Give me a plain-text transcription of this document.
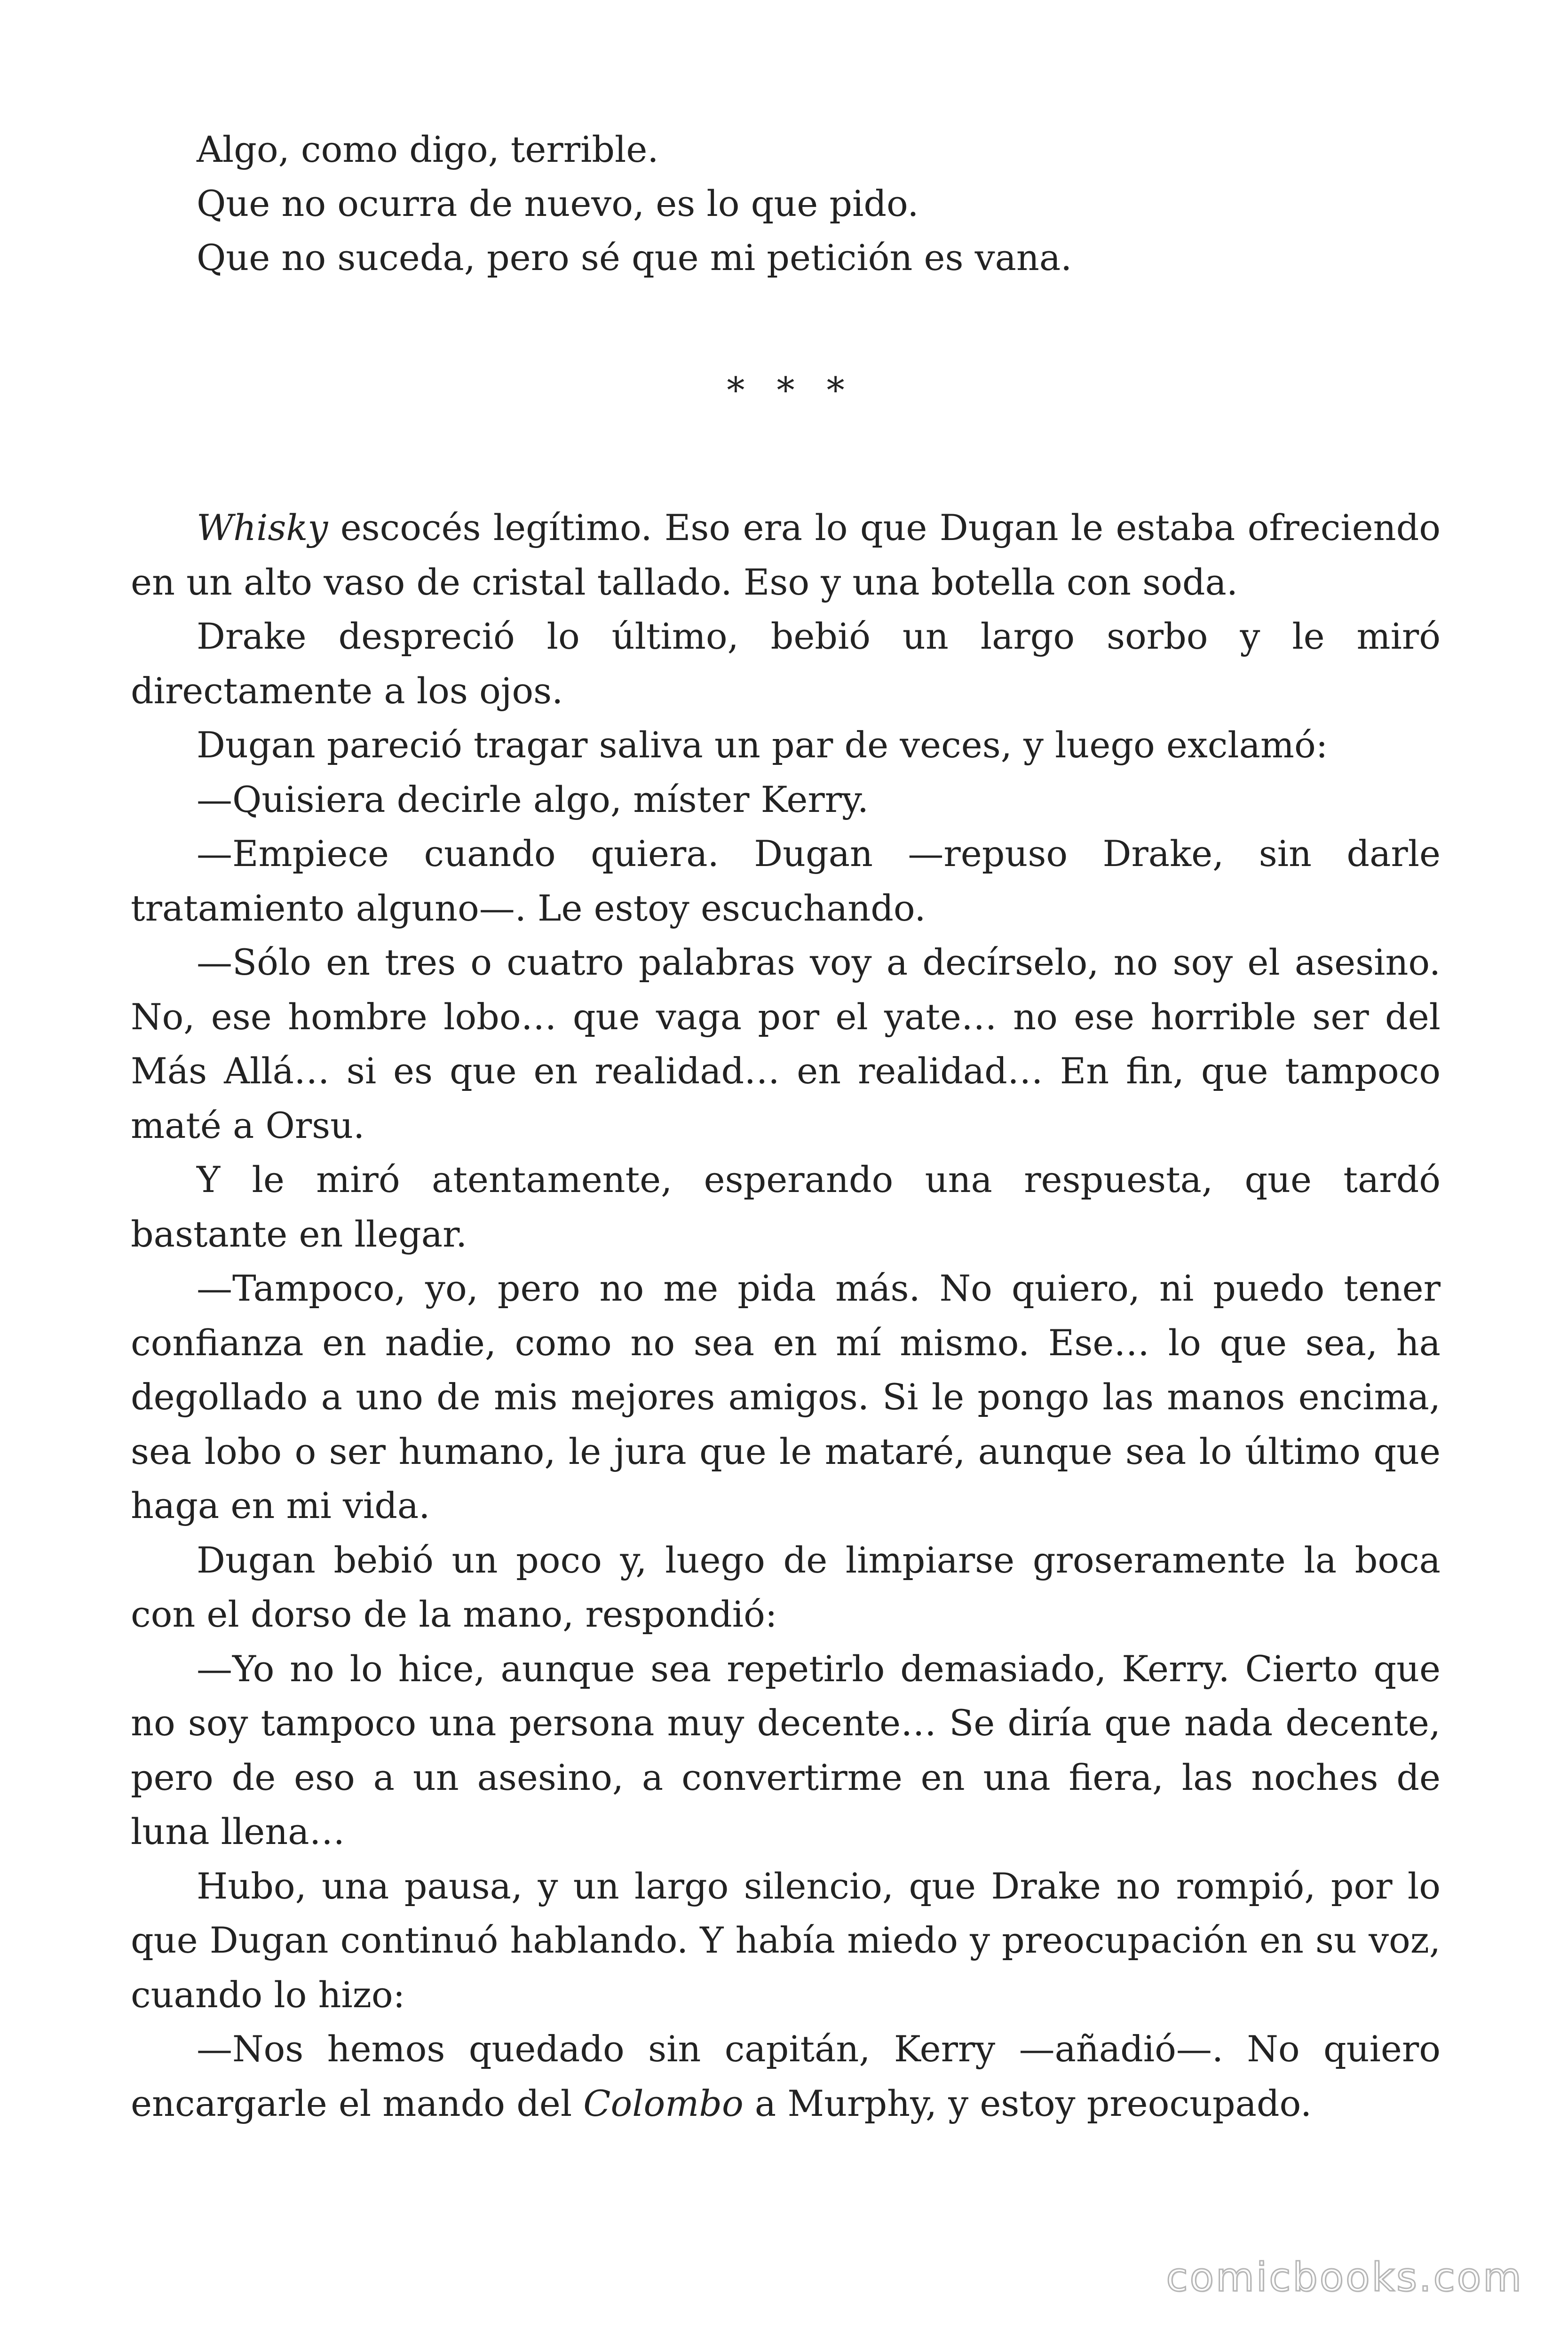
Algo, como digo, terrible.

Que no ocurra de nuevo, es lo que pido.

Que no suceda, pero sé que mi petición es vana.

* * *

Whisky escocés legítimo. Eso era lo que Dugan le estaba ofreciendo en un alto vaso de cristal tallado. Eso y una botella con soda.

Drake despreció lo último, bebió un largo sorbo y le miró directamente a los ojos.

Dugan pareció tragar saliva un par de veces, y luego exclamó:

—Quisiera decirle algo, míster Kerry.

—Empiece cuando quiera. Dugan —repuso Drake, sin darle tratamiento alguno—. Le estoy escuchando.

—Sólo en tres o cuatro palabras voy a decírselo, no soy el asesino. No, ese hombre lobo… que vaga por el yate… no ese horrible ser del Más Allá… si es que en realidad… en realidad… En fin, que tampoco maté a Orsu.

Y le miró atentamente, esperando una respuesta, que tardó bastante en llegar.

—Tampoco, yo, pero no me pida más. No quiero, ni puedo tener confianza en nadie, como no sea en mí mismo. Ese… lo que sea, ha degollado a uno de mis mejores amigos. Si le pongo las manos encima, sea lobo o ser humano, le jura que le mataré, aunque sea lo último que haga en mi vida.

Dugan bebió un poco y, luego de limpiarse groseramente la boca con el dorso de la mano, respondió:

—Yo no lo hice, aunque sea repetirlo demasiado, Kerry. Cierto que no soy tampoco una persona muy decente… Se diría que nada decente, pero de eso a un asesino, a convertirme en una fiera, las noches de luna llena…

Hubo, una pausa, y un largo silencio, que Drake no rompió, por lo que Dugan continuó hablando. Y había miedo y preocupación en su voz, cuando lo hizo:

—Nos hemos quedado sin capitán, Kerry —añadió—. No quiero encargarle el mando del Colombo a Murphy, y estoy preocupado.

comicbooks.com
